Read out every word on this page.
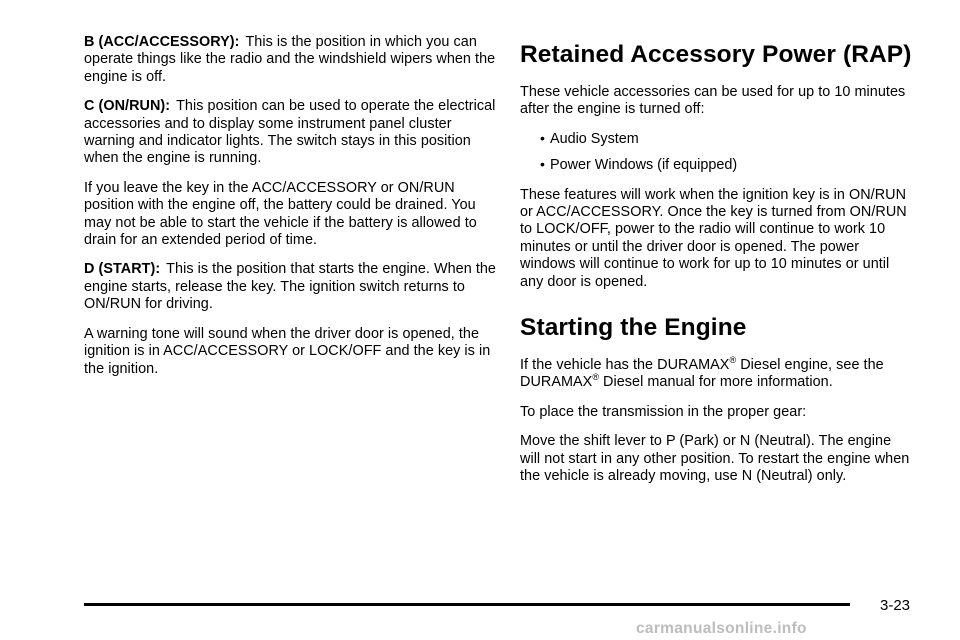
B (ACC/ACCESSORY): This is the position in which you can operate things like the radio and the windshield wipers when the engine is off.

C (ON/RUN): This position can be used to operate the electrical accessories and to display some instrument panel cluster warning and indicator lights. The switch stays in this position when the engine is running.

If you leave the key in the ACC/ACCESSORY or ON/RUN position with the engine off, the battery could be drained. You may not be able to start the vehicle if the battery is allowed to drain for an extended period of time.

D (START): This is the position that starts the engine. When the engine starts, release the key. The ignition switch returns to ON/RUN for driving.

A warning tone will sound when the driver door is opened, the ignition is in ACC/ACCESSORY or LOCK/OFF and the key is in the ignition.

Retained Accessory Power (RAP)

These vehicle accessories can be used for up to 10 minutes after the engine is turned off:

• Audio System
• Power Windows (if equipped)

These features will work when the ignition key is in ON/RUN or ACC/ACCESSORY. Once the key is turned from ON/RUN to LOCK/OFF, power to the radio will continue to work 10 minutes or until the driver door is opened. The power windows will continue to work for up to 10 minutes or until any door is opened.

Starting the Engine

If the vehicle has the DURAMAX® Diesel engine, see the DURAMAX® Diesel manual for more information.

To place the transmission in the proper gear:

Move the shift lever to P (Park) or N (Neutral). The engine will not start in any other position. To restart the engine when the vehicle is already moving, use N (Neutral) only.

3-23
carmanualsonline.info
